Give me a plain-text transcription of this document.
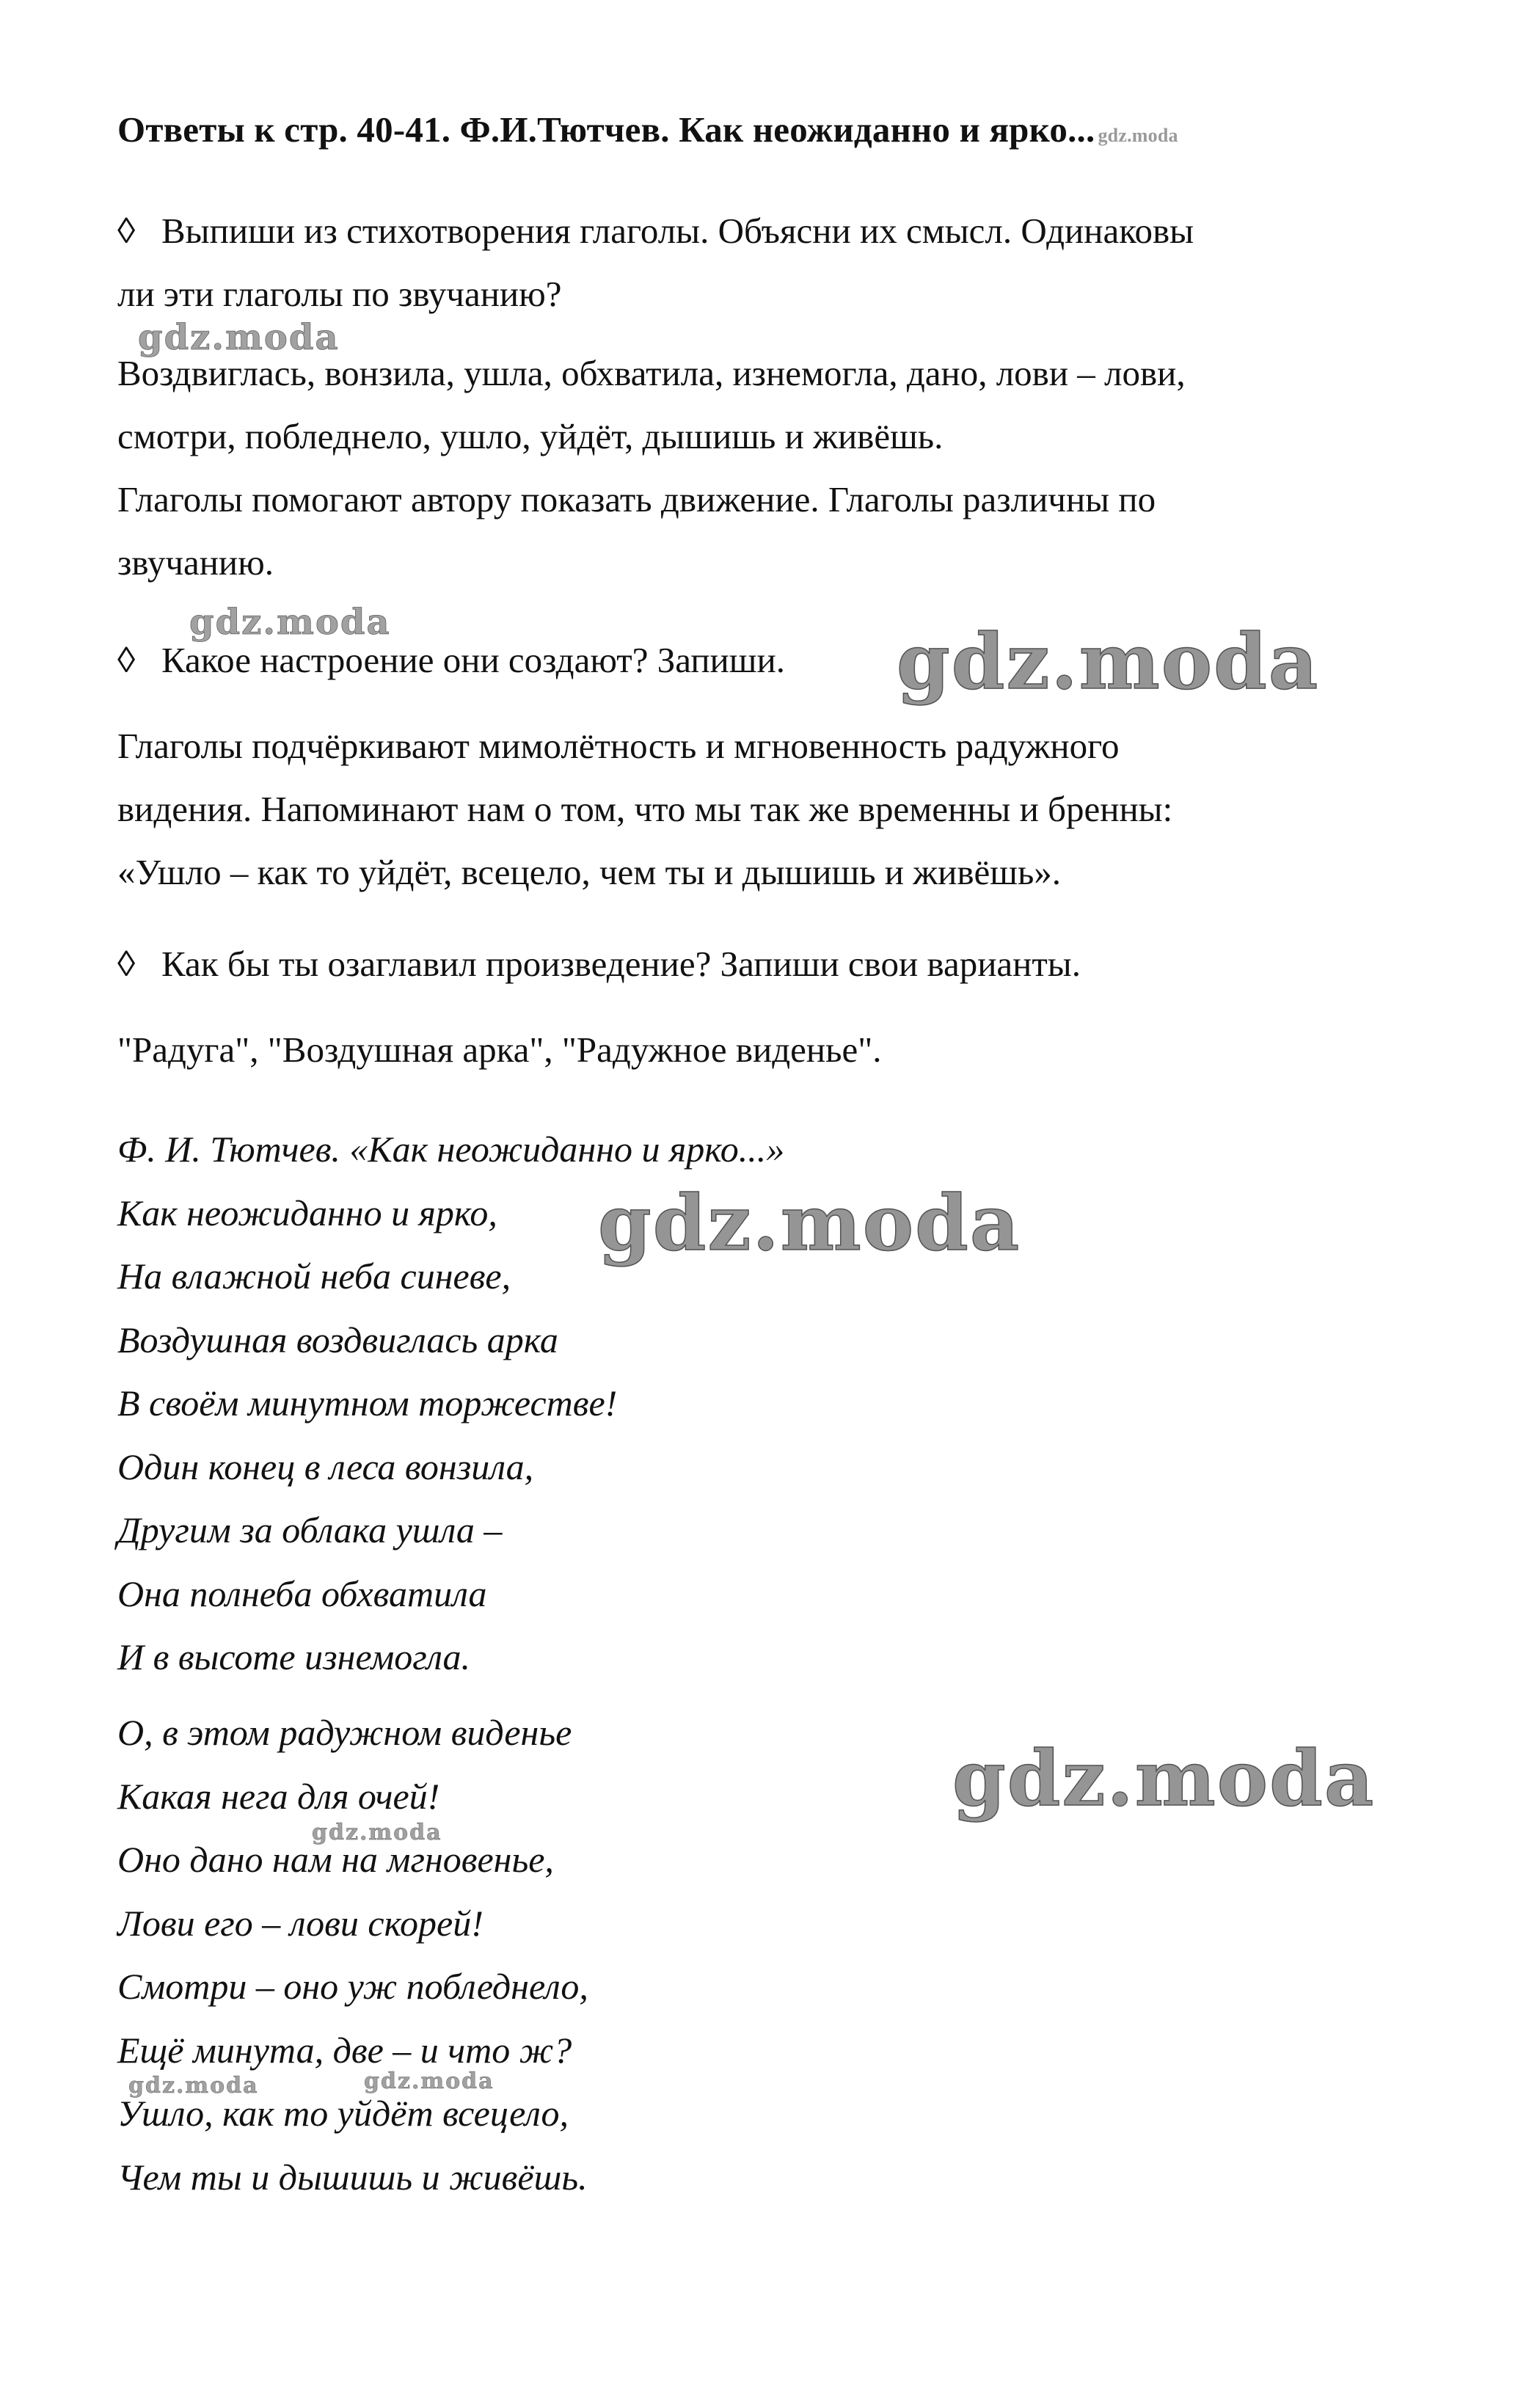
Ответы к стр. 40-41. Ф.И.Тютчев. Как неожиданно и ярко... gdz.moda
◊ Выпиши из стихотворения глаголы. Объясни их смысл. Одинаковы
ли эти глаголы по звучанию?
Воздвиглась, вонзила, ушла, обхватила, изнемогла, дано, лови – лови,
смотри, побледнело, ушло, уйдёт, дышишь и живёшь.
Глаголы помогают автору показать движение. Глаголы различны по
звучанию.
◊ Какое настроение они создают? Запиши.
Глаголы подчёркивают мимолётность и мгновенность радужного
видения. Напоминают нам о том, что мы так же временны и бренны:
«Ушло – как то уйдёт, всецело, чем ты и дышишь и живёшь».
◊ Как бы ты озаглавил произведение? Запиши свои варианты.
"Радуга", "Воздушная арка", "Радужное виденье".
Ф. И. Тютчев. «Как неожиданно и ярко...»
Как неожиданно и ярко,
На влажной неба синеве,
Воздушная воздвиглась арка
В своём минутном торжестве!
Один конец в леса вонзила,
Другим за облака ушла –
Она полнеба обхватила
И в высоте изнемогла.
О, в этом радужном виденье
Какая нега для очей!
Оно дано нам на мгновенье,
Лови его – лови скорей!
Смотри – оно уж побледнело,
Ещё минута, две – и что ж?
Ушло, как то уйдёт всецело,
Чем ты и дышишь и живёшь.
gdz.moda
gdz.moda	gdz.moda
gdz.moda
gdz.moda
gdz.moda
gdz.moda	gdz.moda
